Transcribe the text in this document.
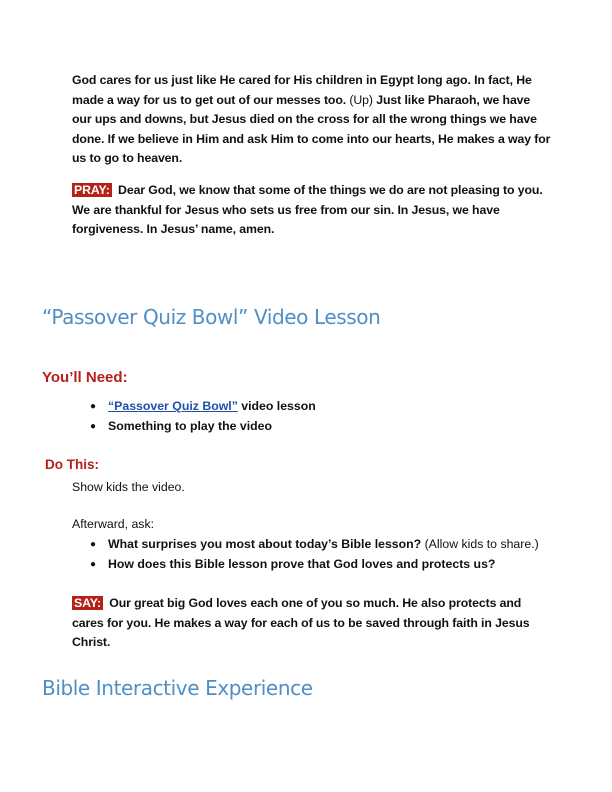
God cares for us just like He cared for His children in Egypt long ago. In fact, He made a way for us to get out of our messes too. (Up) Just like Pharaoh, we have our ups and downs, but Jesus died on the cross for all the wrong things we have done. If we believe in Him and ask Him to come into our hearts, He makes a way for us to go to heaven.
PRAY: Dear God, we know that some of the things we do are not pleasing to you. We are thankful for Jesus who sets us free from our sin. In Jesus, we have forgiveness. In Jesus’ name, amen.
“Passover Quiz Bowl” Video Lesson
You’ll Need:
● “Passover Quiz Bowl” video lesson
● Something to play the video
Do This:
Show kids the video.
Afterward, ask:
● What surprises you most about today’s Bible lesson? (Allow kids to share.)
● How does this Bible lesson prove that God loves and protects us?
SAY: Our great big God loves each one of you so much. He also protects and cares for you. He makes a way for each of us to be saved through faith in Jesus Christ.
Bible Interactive Experience
